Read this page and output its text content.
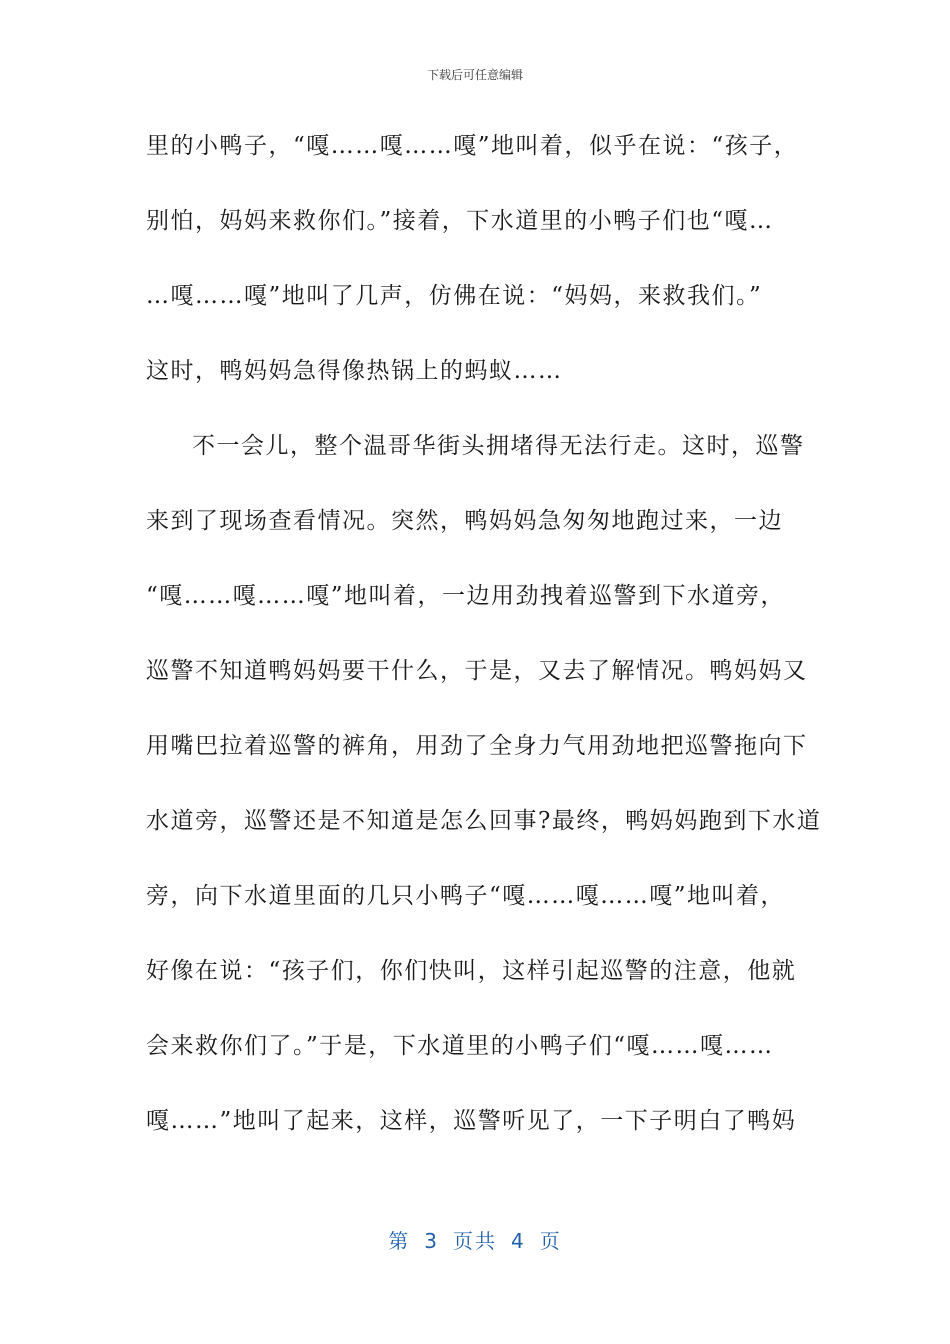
下载后可任意编辑
里的小鸭子，“嘎……嘎……嘎”地叫着，似乎在说：“孩子，
别怕，妈妈来救你们。”接着，下水道里的小鸭子们也“嘎…
…嘎……嘎”地叫了几声，仿佛在说：“妈妈，来救我们。”
这时，鸭妈妈急得像热锅上的蚂蚁……
不一会儿，整个温哥华街头拥堵得无法行走。这时，巡警
来到了现场查看情况。突然，鸭妈妈急匆匆地跑过来，一边
“嘎……嘎……嘎”地叫着，一边用劲拽着巡警到下水道旁，
巡警不知道鸭妈妈要干什么，于是，又去了解情况。鸭妈妈又
用嘴巴拉着巡警的裤角，用劲了全身力气用劲地把巡警拖向下
水道旁，巡警还是不知道是怎么回事?最终，鸭妈妈跑到下水道
旁，向下水道里面的几只小鸭子“嘎……嘎……嘎”地叫着，
好像在说：“孩子们，你们快叫，这样引起巡警的注意，他就
会来救你们了。”于是，下水道里的小鸭子们“嘎……嘎……
嘎……”地叫了起来，这样，巡警听见了，一下子明白了鸭妈
第 3 页共 4 页
